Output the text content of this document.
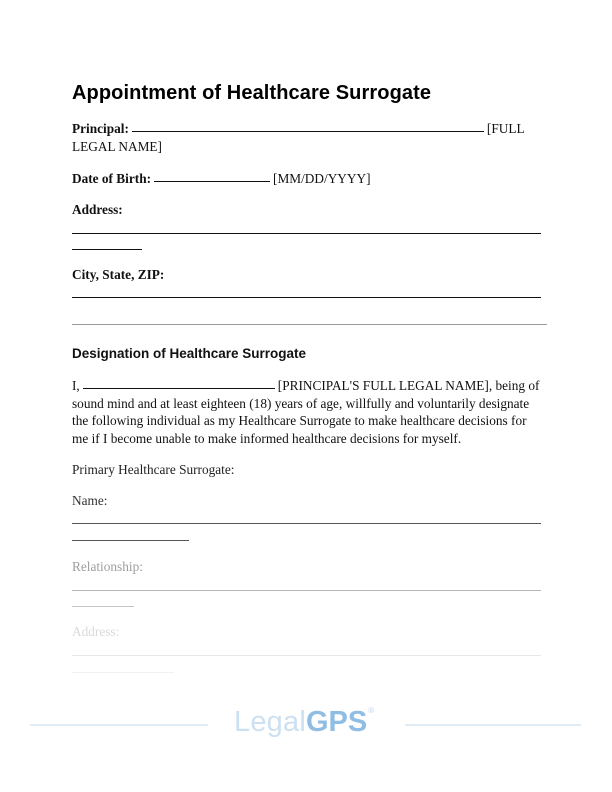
Appointment of Healthcare Surrogate
Principal:	[FULL
LEGAL NAME]
Date of Birth:	[MM/DD/YYYY]
Address:
City, State, ZIP:
Designation of Healthcare Surrogate
I,	[PRINCIPAL'S FULL LEGAL NAME], being of
sound mind and at least eighteen (18) years of age, willfully and voluntarily designate
the following individual as my Healthcare Surrogate to make healthcare decisions for
me if I become unable to make informed healthcare decisions for myself.
Primary Healthcare Surrogate:
Name:
Relationship:
Address:
LegalGPS®
